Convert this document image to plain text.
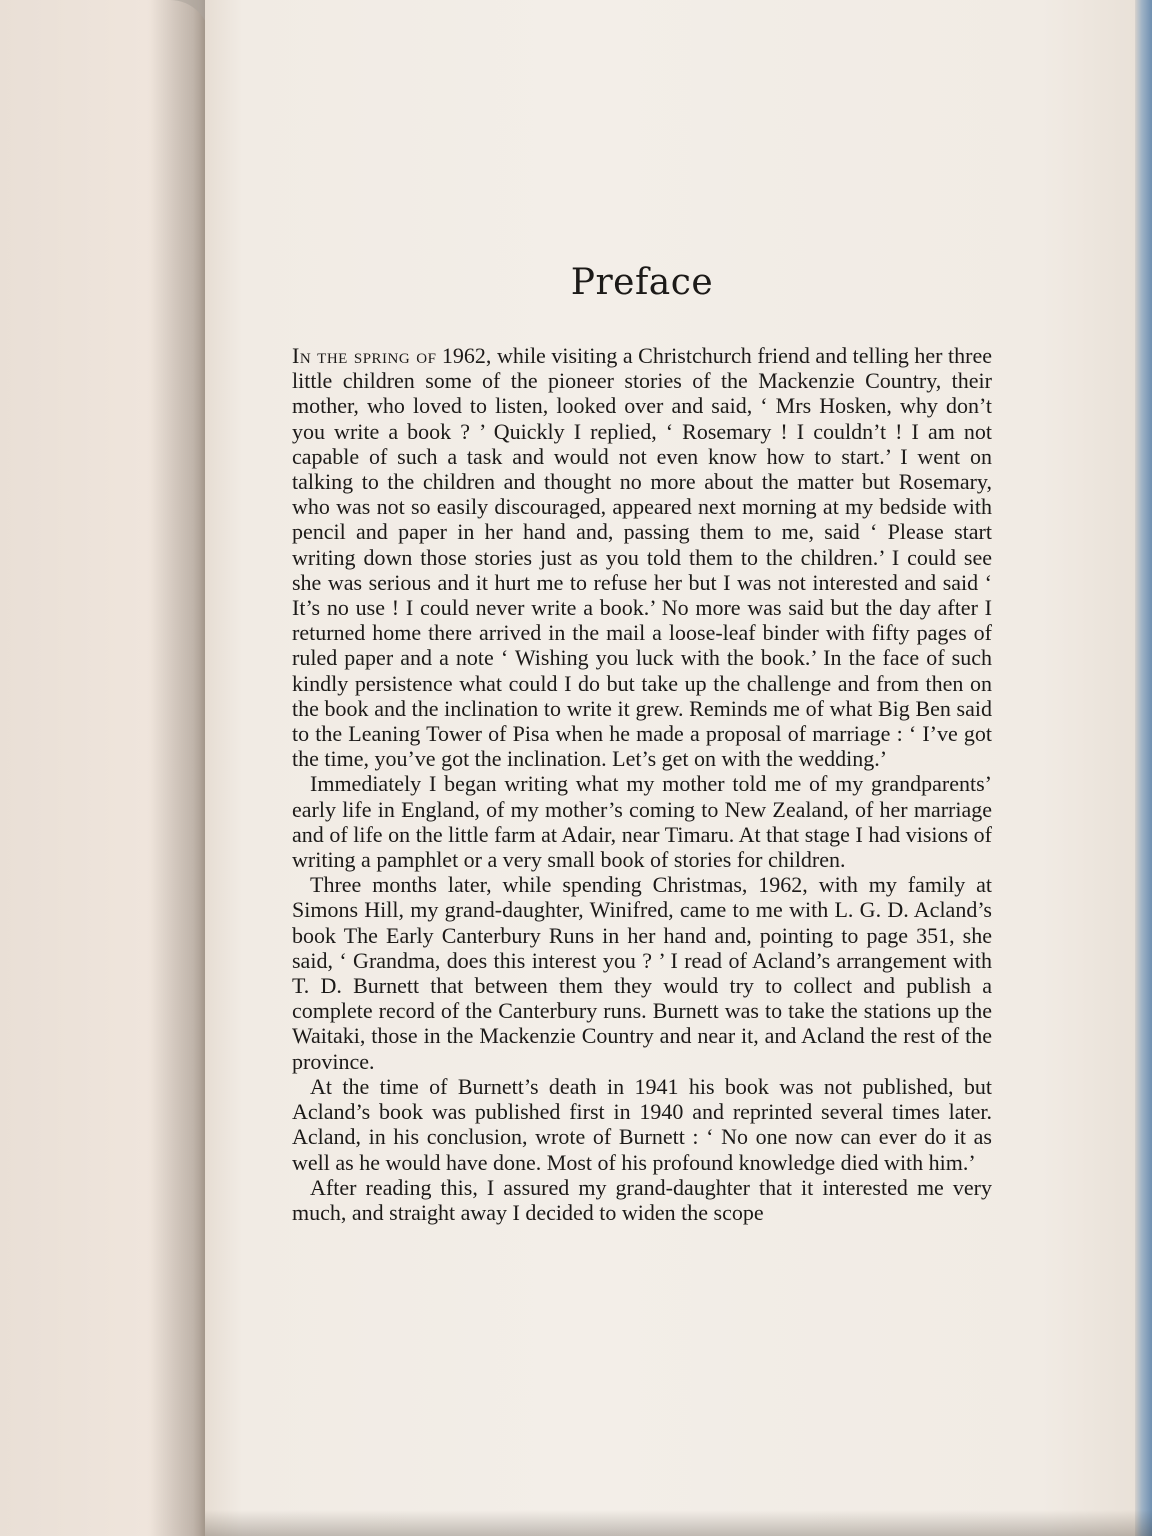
Preface

In the spring of 1962, while visiting a Christchurch friend and telling her three little children some of the pioneer stories of the Mackenzie Country, their mother, who loved to listen, looked over and said, ‘ Mrs Hosken, why don’t you write a book ? ’ Quickly I replied, ‘ Rosemary ! I couldn’t ! I am not capable of such a task and would not even know how to start.’ I went on talking to the children and thought no more about the matter but Rosemary, who was not so easily discouraged, appeared next morning at my bedside with pencil and paper in her hand and, passing them to me, said ‘ Please start writing down those stories just as you told them to the children.’ I could see she was serious and it hurt me to refuse her but I was not interested and said ‘ It’s no use ! I could never write a book.’ No more was said but the day after I returned home there arrived in the mail a loose-leaf binder with fifty pages of ruled paper and a note ‘ Wishing you luck with the book.’ In the face of such kindly persistence what could I do but take up the challenge and from then on the book and the inclination to write it grew. Reminds me of what Big Ben said to the Leaning Tower of Pisa when he made a proposal of marriage : ‘ I’ve got the time, you’ve got the inclination. Let’s get on with the wedding.’

Immediately I began writing what my mother told me of my grandparents’ early life in England, of my mother’s coming to New Zealand, of her marriage and of life on the little farm at Adair, near Timaru. At that stage I had visions of writing a pamphlet or a very small book of stories for children.

Three months later, while spending Christmas, 1962, with my family at Simons Hill, my grand-daughter, Winifred, came to me with L. G. D. Acland’s book The Early Canterbury Runs in her hand and, pointing to page 351, she said, ‘ Grandma, does this interest you ? ’ I read of Acland’s arrangement with T. D. Burnett that between them they would try to collect and publish a complete record of the Canterbury runs. Burnett was to take the stations up the Waitaki, those in the Mackenzie Country and near it, and Acland the rest of the province.

At the time of Burnett’s death in 1941 his book was not published, but Acland’s book was published first in 1940 and reprinted several times later. Acland, in his conclusion, wrote of Burnett : ‘ No one now can ever do it as well as he would have done. Most of his profound knowledge died with him.’

After reading this, I assured my grand-daughter that it interested me very much, and straight away I decided to widen the scope
